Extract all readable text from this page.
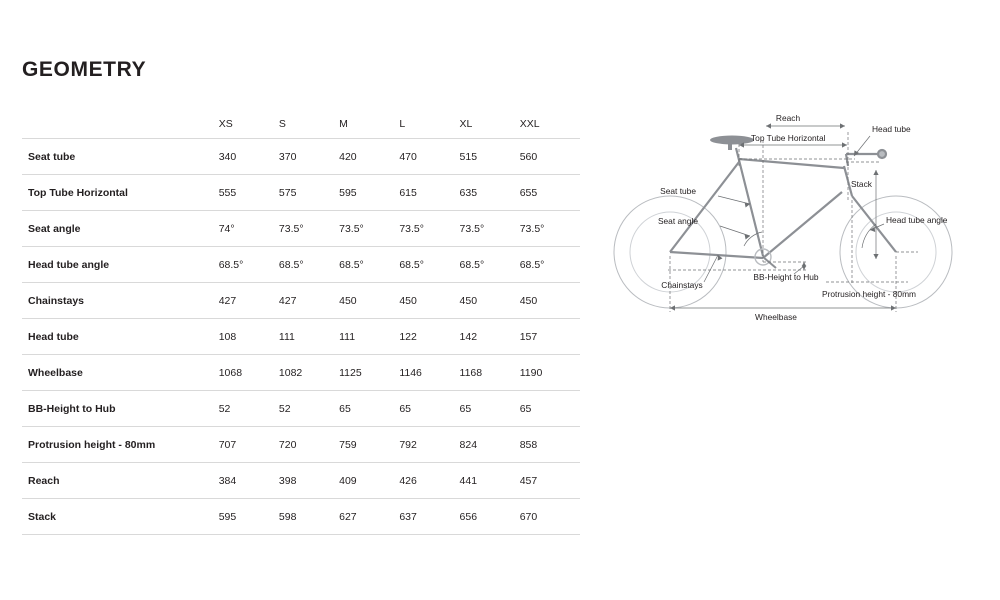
GEOMETRY
	XS	S	M	L	XL	XXL
Seat tube	340	370	420	470	515	560
Top Tube Horizontal	555	575	595	615	635	655
Seat angle	74°	73.5°	73.5°	73.5°	73.5°	73.5°
Head tube angle	68.5°	68.5°	68.5°	68.5°	68.5°	68.5°
Chainstays	427	427	450	450	450	450
Head tube	108	111	111	122	142	157
Wheelbase	1068	1082	1125	1146	1168	1190
BB-Height to Hub	52	52	65	65	65	65
Protrusion height - 80mm	707	720	759	792	824	858
Reach	384	398	409	426	441	457
Stack	595	598	627	637	656	670
Reach
Top Tube Horizontal
Head tube
Stack
Seat tube
Seat angle	Head tube angle
Chainstays
BB-Height to Hub
Protrusion height - 80mm
Wheelbase
